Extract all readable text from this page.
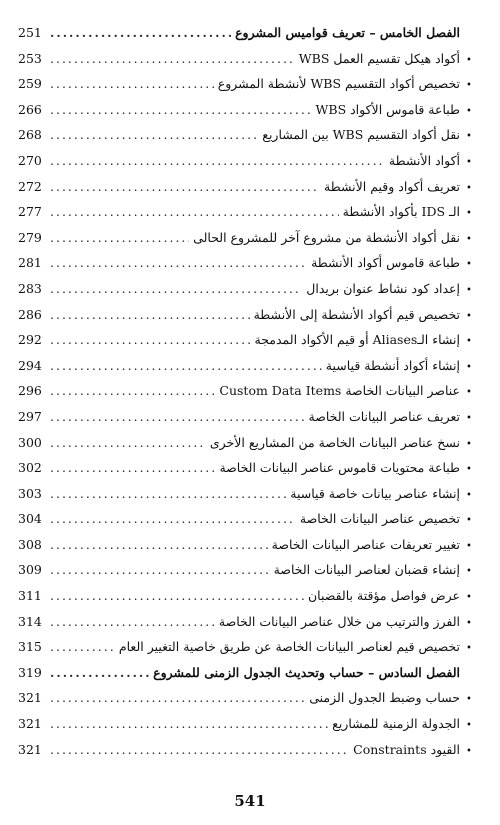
الفصل الخامس – تعريف قواميس المشروع
.....
251
•
أكواد هيكل تقسيم العمل WBS
.....
253
•
تخصيص أكواد التقسيم WBS لأنشطة المشروع
.....
259
•
طباعة قاموس الأكواد WBS
.....
266
•
نقل أكواد التقسيم WBS بين المشاريع
.....
268
•
أكواد الأنشطة
.....
270
•
تعريف أكواد وقيم الأنشطة
.....
272
•
الـ IDS بأكواد الأنشطة
.....
277
•
نقل أكواد الأنشطة من مشروع آخر للمشروع الحالى
.....
279
•
طباعة قاموس أكواد الأنشطة
.....
281
•
إعداد كود نشاط عنوان بريدال
.....
283
•
تخصيص قيم أكواد الأنشطة إلى الأنشطة
.....
286
•
إنشاء الـAliases أو قيم الأكواد المدمجة
.....
292
•
إنشاء أكواد أنشطة قياسية
.....
294
•
عناصر البيانات الخاصة Custom Data Items
.....
296
•
تعريف عناصر البيانات الخاصة
.....
297
•
نسخ عناصر البيانات الخاصة من المشاريع الأخرى
.....
300
•
طباعة محتويات قاموس عناصر البيانات الخاصة
.....
302
•
إنشاء عناصر بيانات خاصة قياسية
.....
303
•
تخصيص عناصر البيانات الخاصة
.....
304
•
تغيير تعريفات عناصر البيانات الخاصة
.....
308
•
إنشاء قضبان لعناصر البيانات الخاصة
.....
309
•
عرض فواصل مؤقتة بالقضبان
.....
311
•
الفرز والترتيب من خلال عناصر البيانات الخاصة
.....
314
•
تخصيص قيم لعناصر البيانات الخاصة عن طريق خاصية التغيير العام
.....
315
الفصل السادس – حساب وتحديث الجدول الزمنى للمشروع
.....
319
•
حساب وضبط الجدول الزمنى
.....
321
•
الجدولة الزمنية للمشاريع
.....
321
•
القيود Constraints
.....
321
541
